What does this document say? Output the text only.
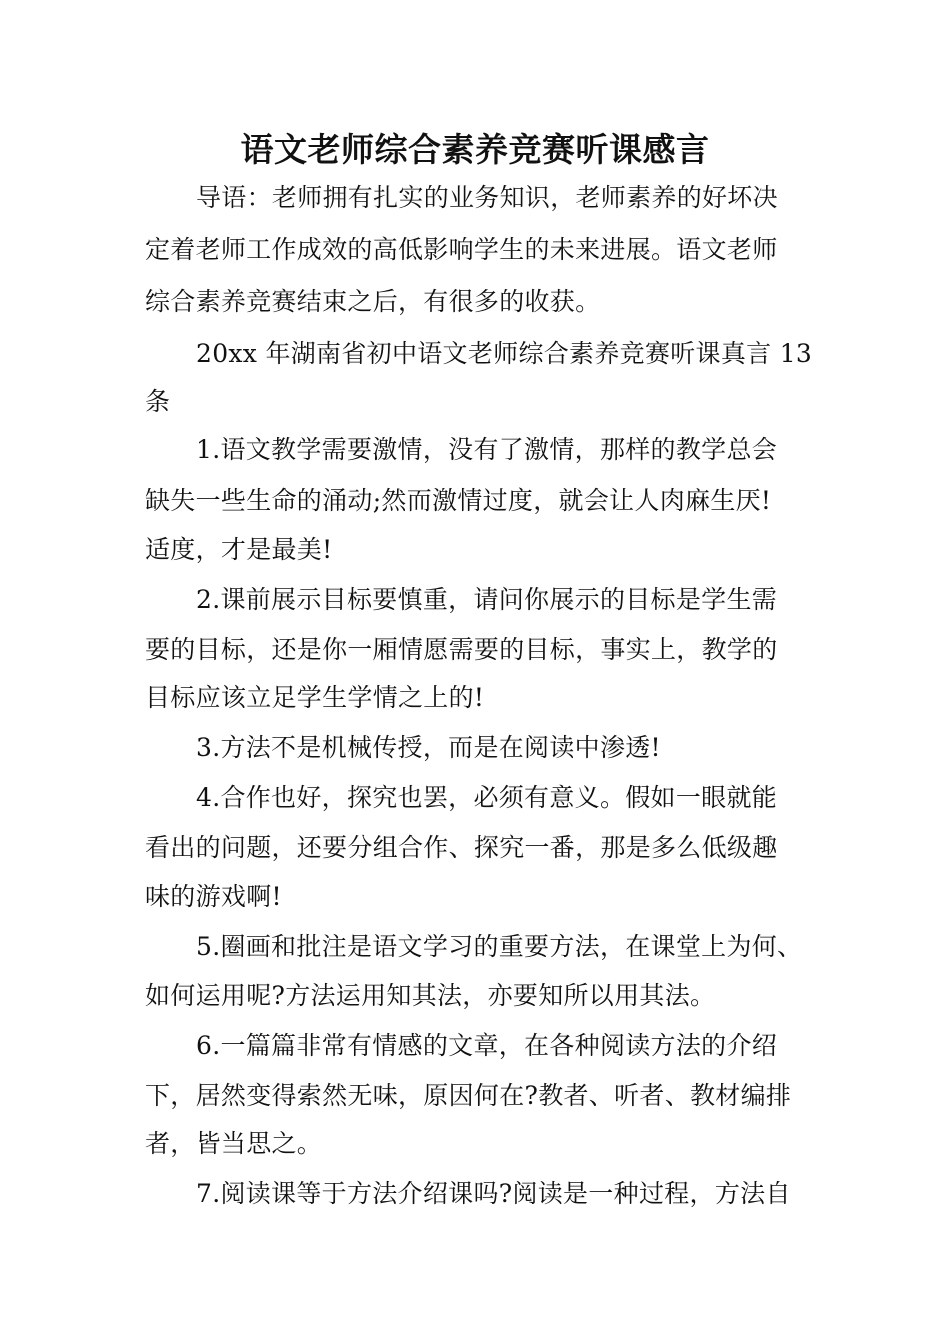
语文老师综合素养竞赛听课感言
导语：老师拥有扎实的业务知识，老师素养的好坏决
定着老师工作成效的高低影响学生的未来进展。语文老师
综合素养竞赛结束之后，有很多的收获。
20xx 年湖南省初中语文老师综合素养竞赛听课真言 13
条
1.语文教学需要激情，没有了激情，那样的教学总会
缺失一些生命的涌动;然而激情过度，就会让人肉麻生厌!
适度，才是最美!
2.课前展示目标要慎重，请问你展示的目标是学生需
要的目标，还是你一厢情愿需要的目标，事实上，教学的
目标应该立足学生学情之上的!
3.方法不是机械传授，而是在阅读中渗透!
4.合作也好，探究也罢，必须有意义。假如一眼就能
看出的问题，还要分组合作、探究一番，那是多么低级趣
味的游戏啊!
5.圈画和批注是语文学习的重要方法，在课堂上为何、
如何运用呢?方法运用知其法，亦要知所以用其法。
6.一篇篇非常有情感的文章，在各种阅读方法的介绍
下，居然变得索然无味，原因何在?教者、听者、教材编排
者，皆当思之。
7.阅读课等于方法介绍课吗?阅读是一种过程，方法自
